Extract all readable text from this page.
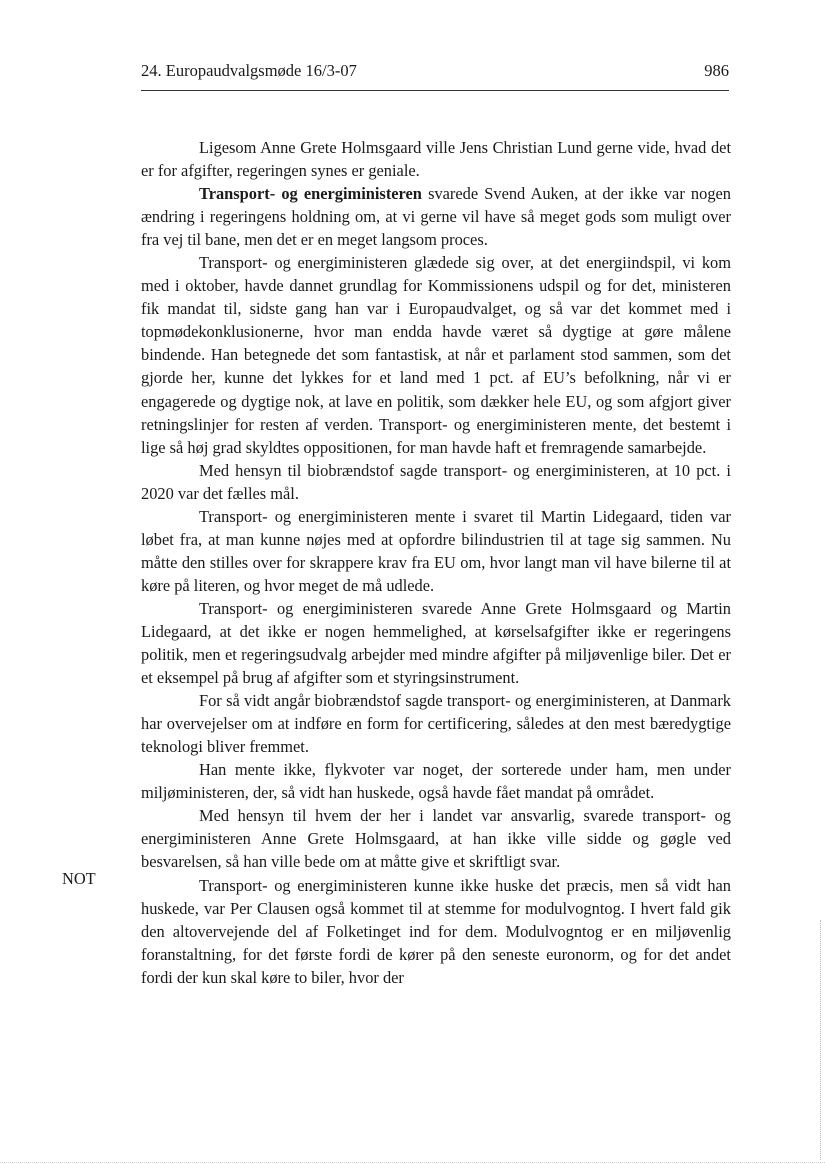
24. Europaudvalgsmøde 16/3-07	986
NOT

Ligesom Anne Grete Holmsgaard ville Jens Christian Lund gerne vide, hvad det er for afgifter, regeringen synes er geniale.

Transport- og energiministeren svarede Svend Auken, at der ikke var nogen ændring i regeringens holdning om, at vi gerne vil have så meget gods som muligt over fra vej til bane, men det er en meget langsom proces.

Transport- og energiministeren glædede sig over, at det energiindspil, vi kom med i oktober, havde dannet grundlag for Kommissionens udspil og for det, ministeren fik mandat til, sidste gang han var i Europaudvalget, og så var det kommet med i topmødekonklusionerne, hvor man endda havde været så dygtige at gøre målene bindende. Han betegnede det som fantastisk, at når et parlament stod sammen, som det gjorde her, kunne det lykkes for et land med 1 pct. af EU’s befolkning, når vi er engagerede og dygtige nok, at lave en politik, som dækker hele EU, og som afgjort giver retningslinjer for resten af verden. Transport- og energiministeren mente, det bestemt i lige så høj grad skyldtes oppositionen, for man havde haft et fremragende samarbejde.

Med hensyn til biobrændstof sagde transport- og energiministeren, at 10 pct. i 2020 var det fælles mål.

Transport- og energiministeren mente i svaret til Martin Lidegaard, tiden var løbet fra, at man kunne nøjes med at opfordre bilindustrien til at tage sig sammen. Nu måtte den stilles over for skrappere krav fra EU om, hvor langt man vil have bilerne til at køre på literen, og hvor meget de må udlede.

Transport- og energiministeren svarede Anne Grete Holmsgaard og Martin Lidegaard, at det ikke er nogen hemmelighed, at kørselsafgifter ikke er regeringens politik, men et regeringsudvalg arbejder med mindre afgifter på miljøvenlige biler. Det er et eksempel på brug af afgifter som et styringsinstrument.

For så vidt angår biobrændstof sagde transport- og energiministeren, at Danmark har overvejelser om at indføre en form for certificering, således at den mest bæredygtige teknologi bliver fremmet.

Han mente ikke, flykvoter var noget, der sorterede under ham, men under miljøministeren, der, så vidt han huskede, også havde fået mandat på området.

Med hensyn til hvem der her i landet var ansvarlig, svarede transport- og energiministeren Anne Grete Holmsgaard, at han ikke ville sidde og gøgle ved besvarelsen, så han ville bede om at måtte give et skriftligt svar.

Transport- og energiministeren kunne ikke huske det præcis, men så vidt han huskede, var Per Clausen også kommet til at stemme for modulvogntog. I hvert fald gik den altovervejende del af Folketinget ind for dem. Modulvogntog er en miljøvenlig foranstaltning, for det første fordi de kører på den seneste euronorm, og for det andet fordi der kun skal køre to biler, hvor der
